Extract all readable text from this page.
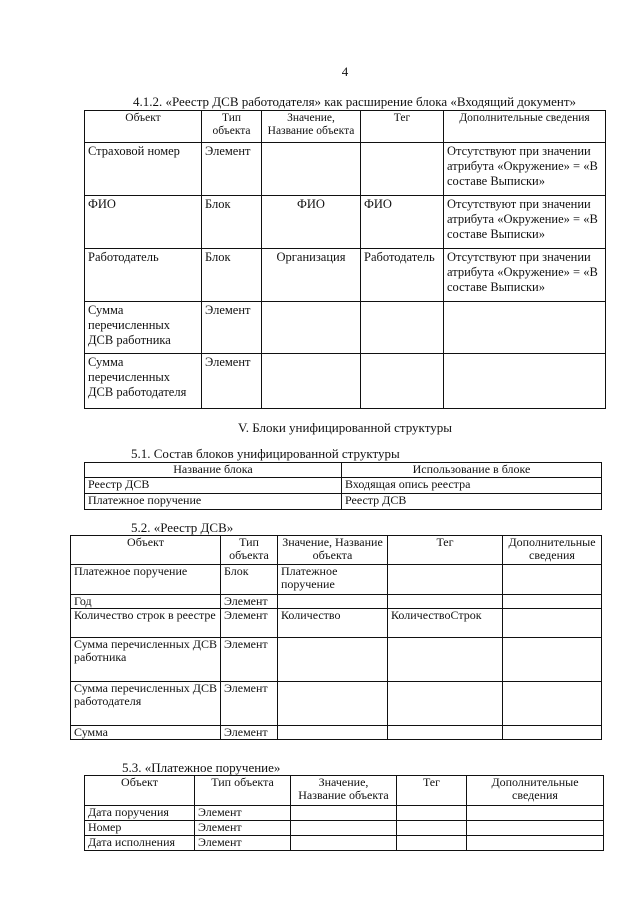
4
4.1.2. «Реестр ДСВ работодателя» как расширение блока «Входящий документ»
Объект	Тип объекта	Значение, Название объекта	Тег	Дополнительные сведения
Страховой номер	Элемент			Отсутствуют при значении атрибута «Окружение» = «В составе Выписки»
ФИО	Блок	ФИО	ФИО	Отсутствуют при значении атрибута «Окружение» = «В составе Выписки»
Работодатель	Блок	Организация	Работодатель	Отсутствуют при значении атрибута «Окружение» = «В составе Выписки»
Сумма перечисленных ДСВ работника	Элемент			
Сумма перечисленных ДСВ работодателя	Элемент			
V. Блоки унифицированной структуры
5.1. Состав блоков унифицированной структуры
Название блока	Использование в блоке
Реестр ДСВ	Входящая опись реестра
Платежное поручение	Реестр ДСВ
5.2. «Реестр ДСВ»
Объект	Тип объекта	Значение, Название объекта	Тег	Дополнительные сведения
Платежное поручение	Блок	Платежное поручение		
Год	Элемент			
Количество строк в реестре	Элемент	Количество	КоличествоСтрок	
Сумма перечисленных ДСВ работника	Элемент			
Сумма перечисленных ДСВ работодателя	Элемент			
Сумма	Элемент			
5.3. «Платежное поручение»
Объект	Тип объекта	Значение, Название объекта	Тег	Дополнительные сведения
Дата поручения	Элемент			
Номер	Элемент			
Дата исполнения	Элемент			
